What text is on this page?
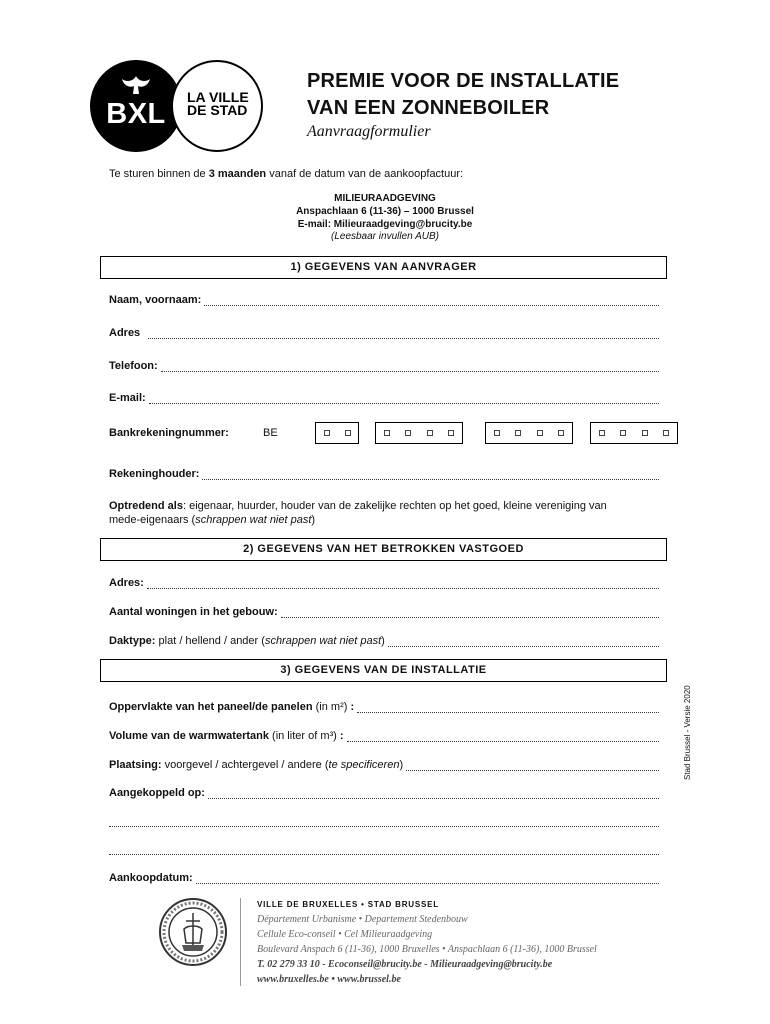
BXL
LA VILLE
DE STAD
PREMIE VOOR DE INSTALLATIE
VAN EEN ZONNEBOILER
Aanvraagformulier
Te sturen binnen de 3 maanden vanaf de datum van de aankoopfactuur:
MILIEURAADGEVING
Anspachlaan 6 (11-36) – 1000 Brussel
E-mail: Milieuraadgeving@brucity.be
(Leesbaar invullen AUB)
1) GEGEVENS VAN AANVRAGER
Naam, voornaam:
Adres
Telefoon:
E-mail:
Bankrekeningnummer:	BE
Rekeninghouder:
Optredend als: eigenaar, huurder, houder van de zakelijke rechten op het goed, kleine vereniging van
mede-eigenaars (schrappen wat niet past)
2) GEGEVENS VAN HET BETROKKEN VASTGOED
Adres:
Aantal woningen in het gebouw:
Daktype: plat / hellend / ander ( schrappen wat niet past )
3) GEGEVENS VAN DE INSTALLATIE
Oppervlakte van het paneel/de panelen (in m²) :
Volume van de warmwatertank (in liter of m³) :
Plaatsing: voorgevel / achtergevel / andere ( te specificeren )
Aangekoppeld op:
Aankoopdatum:
Stad Brussel - Versie 2020
VILLE DE BRUXELLES • STAD BRUSSEL
Département Urbanisme • Departement Stedenbouw
Cellule Eco-conseil • Cel Milieuraadgeving
Boulevard Anspach 6 (11-36), 1000 Bruxelles • Anspachlaan 6 (11-36), 1000 Brussel
T. 02 279 33 10 - Ecoconseil@brucity.be - Milieuraadgeving@brucity.be
www.bruxelles.be • www.brussel.be
